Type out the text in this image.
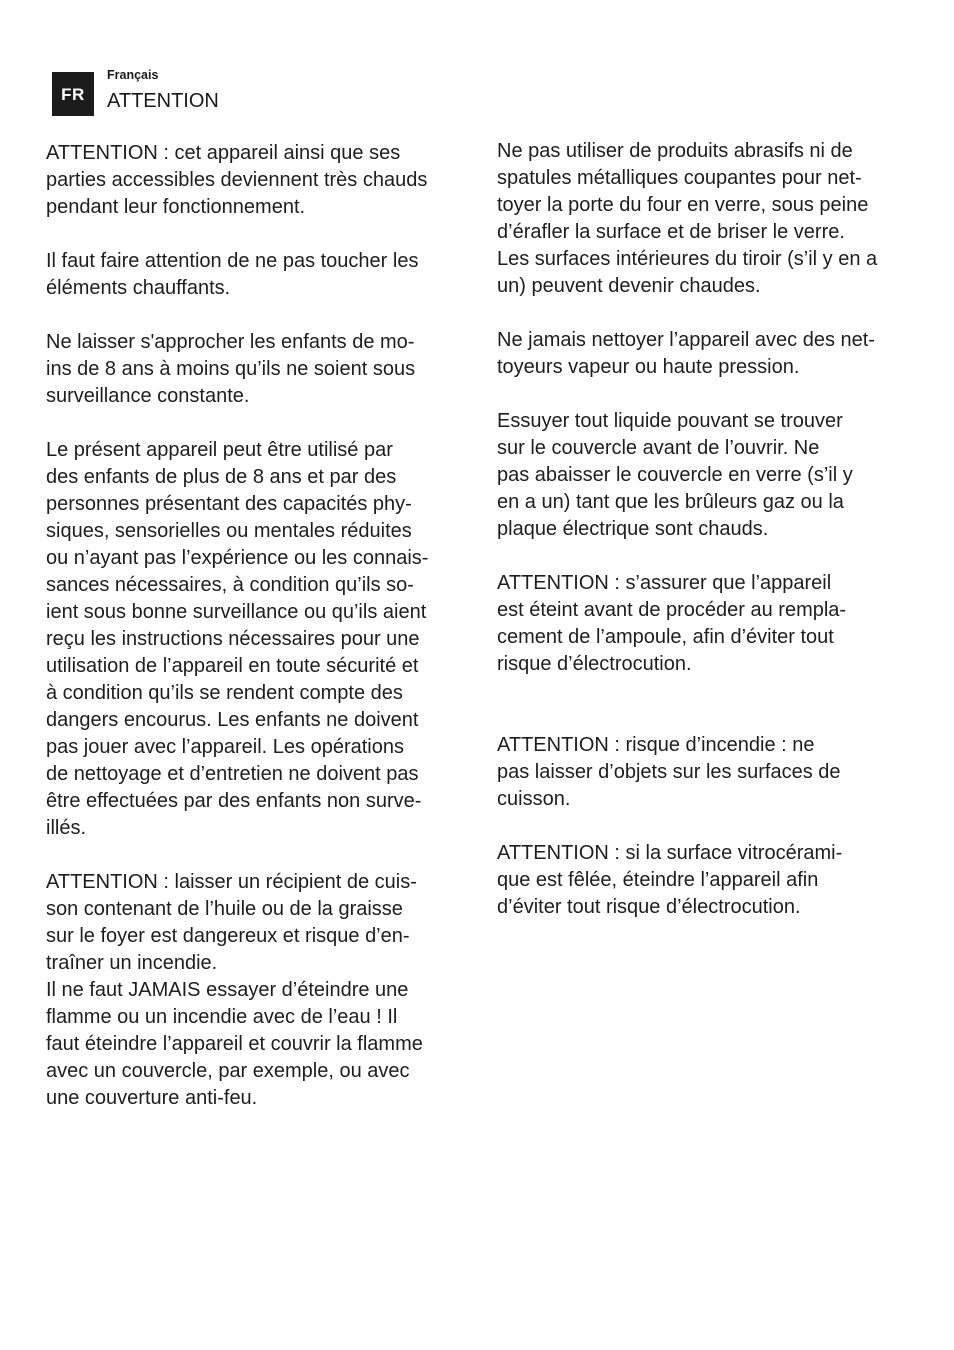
FR
Français
ATTENTION

ATTENTION : cet appareil ainsi que ses
parties accessibles deviennent très chauds
pendant leur fonctionnement.

Il faut faire attention de ne pas toucher les
éléments chauffants.

Ne laisser s'approcher les enfants de mo-
ins de 8 ans à moins qu’ils ne soient sous
surveillance constante.

Le présent appareil peut être utilisé par
des enfants de plus de 8 ans et par des
personnes présentant des capacités phy-
siques, sensorielles ou mentales réduites
ou n’ayant pas l’expérience ou les connais-
sances nécessaires, à condition qu’ils so-
ient sous bonne surveillance ou qu’ils aient
reçu les instructions nécessaires pour une
utilisation de l’appareil en toute sécurité et
à condition qu’ils se rendent compte des
dangers encourus. Les enfants ne doivent
pas jouer avec l’appareil. Les opérations
de nettoyage et d’entretien ne doivent pas
être effectuées par des enfants non surve-
illés.

ATTENTION : laisser un récipient de cuis-
son contenant de l’huile ou de la graisse
sur le foyer est dangereux et risque d’en-
traîner un incendie.
Il ne faut JAMAIS essayer d’éteindre une
flamme ou un incendie avec de l’eau ! Il
faut éteindre l’appareil et couvrir la flamme
avec un couvercle, par exemple, ou avec
une couverture anti-feu.

Ne pas utiliser de produits abrasifs ni de
spatules métalliques coupantes pour net-
toyer la porte du four en verre, sous peine
d’érafler la surface et de briser le verre.
Les surfaces intérieures du tiroir (s’il y en a
un) peuvent devenir chaudes.

Ne jamais nettoyer l’appareil avec des net-
toyeurs vapeur ou haute pression.

Essuyer tout liquide pouvant se trouver
sur le couvercle avant de l’ouvrir. Ne
pas abaisser le couvercle en verre (s’il y
en a un) tant que les brûleurs gaz ou la
plaque électrique sont chauds.

ATTENTION : s’assurer que l’appareil
est éteint avant de procéder au rempla-
cement de l’ampoule, afin d’éviter tout
risque d’électrocution.

ATTENTION : risque d’incendie : ne
pas laisser d’objets sur les surfaces de
cuisson.

ATTENTION : si la surface vitrocérami-
que est fêlée, éteindre l’appareil afin
d’éviter tout risque d’électrocution.
